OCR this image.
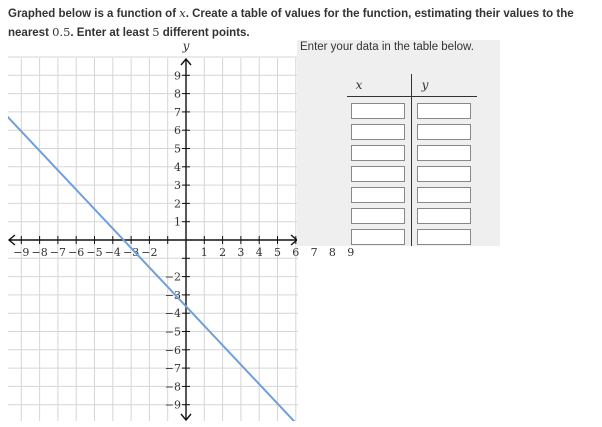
Graphed below is a function of x. Create a table of values for the function, estimating their values to the nearest 0.5. Enter at least 5 different points.
−9 −8 −7 −6 −5 −4 −3 −2	1 2 3 4 5 6 7 8 9
9
8
7
6
5
4
3
2
1
−2
−3
−4
−5
−6
−7
−8
−9
y	Enter your data in the table below.
x	y
